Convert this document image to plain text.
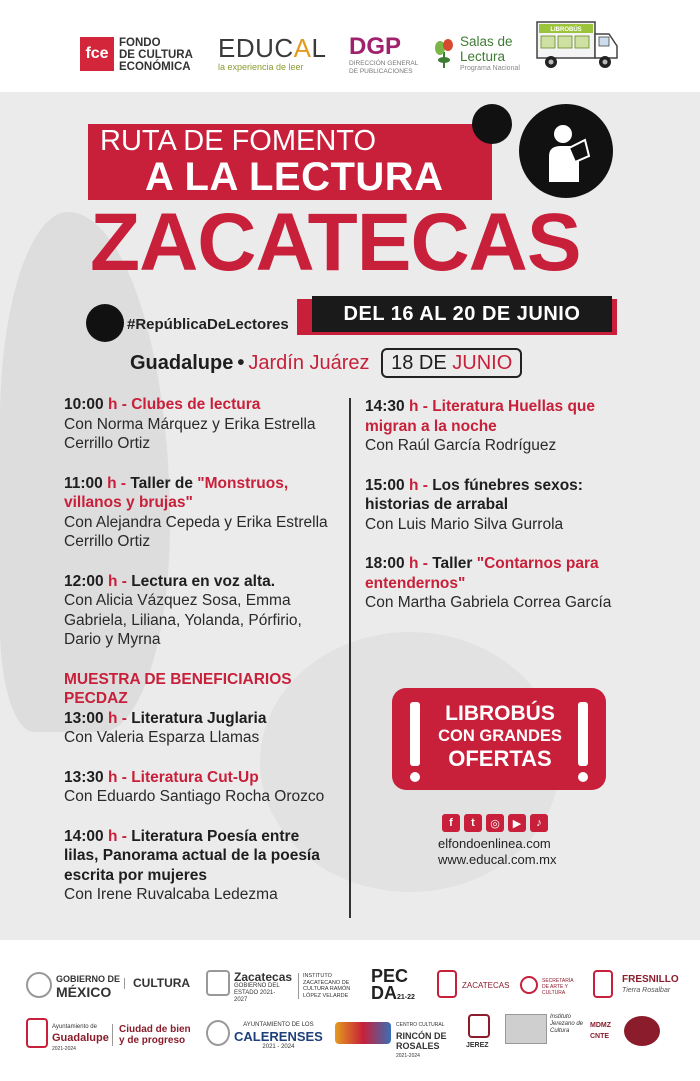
fce
FONDO
DE CULTURA
ECONÓMICA
EDUCAL
la experiencia de leer
DGP
DIRECCIÓN GENERAL DE PUBLICACIONES
Salas de Lectura
Programa Nacional
LIBROBÚS
RUTA DE FOMENTO
A LA LECTURA
ZACATECAS
DEL 16 AL 20 DE JUNIO
#RepúblicaDeLectores
Guadalupe • Jardín Juárez 18 DE JUNIO
10:00 h - Clubes de lectura
Con Norma Márquez y Erika Estrella Cerrillo Ortiz
11:00 h - Taller de "Monstruos, villanos y brujas"
Con Alejandra Cepeda y Erika Estrella Cerrillo Ortiz
12:00 h - Lectura en voz alta.
Con Alicia Vázquez Sosa, Emma Gabriela, Liliana, Yolanda, Pórfirio, Dario y Myrna
MUESTRA DE BENEFICIARIOS PECDAZ
13:00 h - Literatura Juglaria
Con Valeria Esparza Llamas
13:30 h - Literatura Cut-Up
Con Eduardo Santiago Rocha Orozco
14:00 h - Literatura Poesía entre lilas, Panorama actual de la poesía escrita por mujeres
Con Irene Ruvalcaba Ledezma
14:30 h - Literatura Huellas que migran a la noche
Con Raúl García Rodríguez
15:00 h - Los fúnebres sexos: historias de arrabal
Con Luis Mario Silva Gurrola
18:00 h - Taller "Contarnos para entendernos"
Con Martha Gabriela Correa García
LIBROBÚS
CON GRANDES
OFERTAS
f	t	◎	▶	♪
elfondoenlinea.com
www.educal.com.mx
GOBIERNO DE
MÉXICO
CULTURA	Zacatecas
GOBIERNO DEL ESTADO 2021-2027
INSTITUTO ZACATECANO DE CULTURA RAMÓN LÓPEZ VELARDE
PEC
DA21-22
ZACATECAS	SECRETARÍA DE ARTE Y CULTURA
FRESNILLO
Tierra Rosalbar
Ayuntamiento de
Guadalupe
2021-2024
Ciudad de bien y de progreso
AYUNTAMIENTO DE LOS
CALERENSES
2021 - 2024
CENTRO CULTURAL
RINCÓN DE ROSALES
2021-2024
JEREZ
Instituto Jerezano de Cultura
MDMZ CNTE
